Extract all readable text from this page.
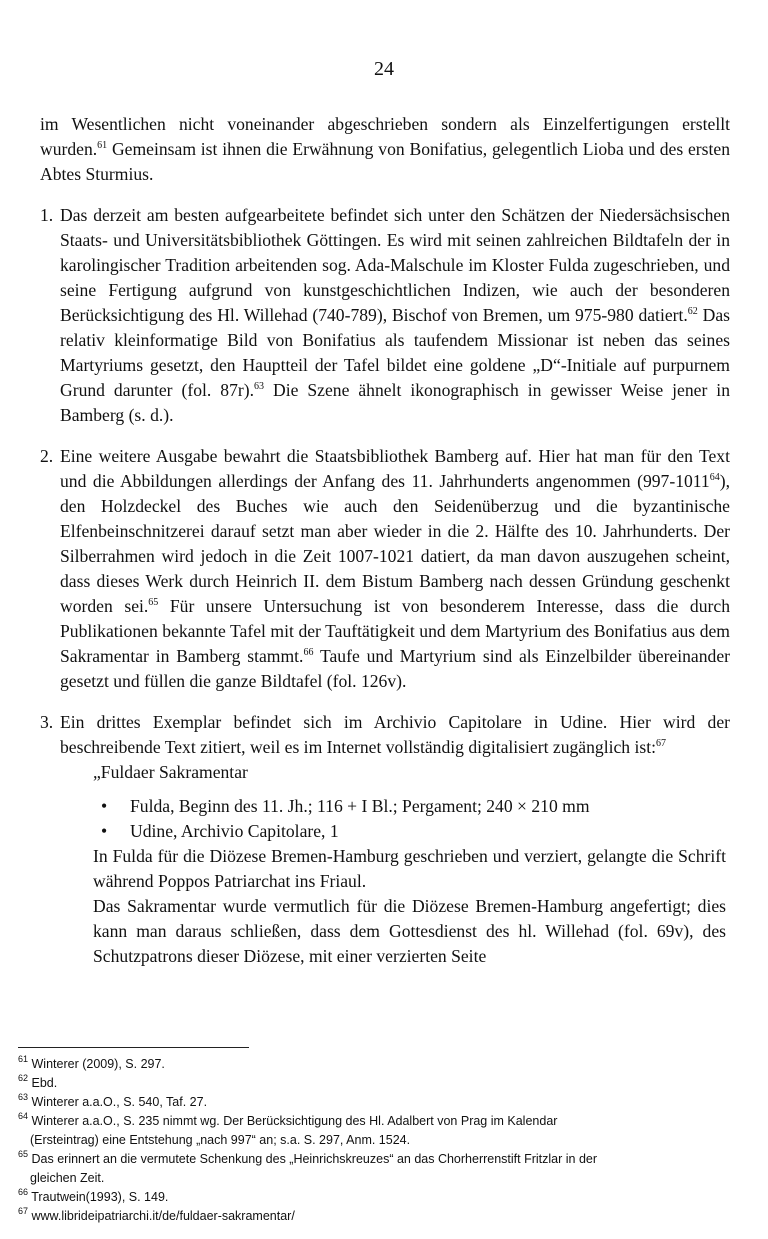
24

im Wesentlichen nicht voneinander abgeschrieben sondern als Einzelfertigungen erstellt wurden.$^{61}$ Gemeinsam ist ihnen die Erwähnung von Bonifatius, gelegentlich Lioba und des ersten Abtes Sturmius.

1. Das derzeit am besten aufgearbeitete befindet sich unter den Schätzen der Niedersächsischen Staats- und Universitätsbibliothek Göttingen. Es wird mit seinen zahlreichen Bildtafeln der in karolingischer Tradition arbeitenden sog. Ada-Malschule im Kloster Fulda zugeschrieben, und seine Fertigung aufgrund von kunstgeschichtlichen Indizen, wie auch der besonderen Berücksichtigung des Hl. Willehad (740-789), Bischof von Bremen, um 975-980 datiert.$^{62}$ Das relativ kleinformatige Bild von Bonifatius als taufendem Missionar ist neben das seines Martyriums gesetzt, den Hauptteil der Tafel bildet eine goldene „D“-Initiale auf purpurnem Grund darunter (fol. 87r).$^{63}$ Die Szene ähnelt ikonographisch in gewisser Weise jener in Bamberg (s. d.).

2. Eine weitere Ausgabe bewahrt die Staatsbibliothek Bamberg auf. Hier hat man für den Text und die Abbildungen allerdings der Anfang des 11. Jahrhunderts angenommen (997-1011$^{64}$), den Holzdeckel des Buches wie auch den Seidenüberzug und die byzantinische Elfenbeinschnitzerei darauf setzt man aber wieder in die 2. Hälfte des 10. Jahrhunderts. Der Silberrahmen wird jedoch in die Zeit 1007-1021 datiert, da man davon auszugehen scheint, dass dieses Werk durch Heinrich II. dem Bistum Bamberg nach dessen Gründung geschenkt worden sei.$^{65}$ Für unsere Untersuchung ist von besonderem Interesse, dass die durch Publikationen bekannte Tafel mit der Tauftätigkeit und dem Martyrium des Bonifatius aus dem Sakramentar in Bamberg stammt.$^{66}$ Taufe und Martyrium sind als Einzelbilder übereinander gesetzt und füllen die ganze Bildtafel (fol. 126v).

3. Ein drittes Exemplar befindet sich im Archivio Capitolare in Udine. Hier wird der beschreibende Text zitiert, weil es im Internet vollständig digitalisiert zugänglich ist:$^{67}$

„Fuldaer Sakramentar

•	Fulda, Beginn des 11. Jh.; 116 + I Bl.; Pergament; 240 × 210 mm
•	Udine, Archivio Capitolare, 1

In Fulda für die Diözese Bremen-Hamburg geschrieben und verziert, gelangte die Schrift während Poppos Patriarchat ins Friaul.

Das Sakramentar wurde vermutlich für die Diözese Bremen-Hamburg angefertigt; dies kann man daraus schließen, dass dem Gottesdienst des hl. Willehad (fol. 69v), des Schutzpatrons dieser Diözese, mit einer verzierten Seite

$^{61}$ Winterer (2009), S. 297.
$^{62}$ Ebd.
$^{63}$ Winterer a.a.O., S. 540, Taf. 27.
$^{64}$ Winterer a.a.O., S. 235 nimmt wg. Der Berücksichtigung des Hl. Adalbert von Prag im Kalendar
(Ersteintrag) eine Entstehung „nach 997“ an; s.a. S. 297, Anm. 1524.
$^{65}$ Das erinnert an die vermutete Schenkung des „Heinrichskreuzes“ an das Chorherrenstift Fritzlar in der
gleichen Zeit.
$^{66}$ Trautwein(1993), S. 149.
$^{67}$ www.librideipatriarchi.it/de/fuldaer-sakramentar/
